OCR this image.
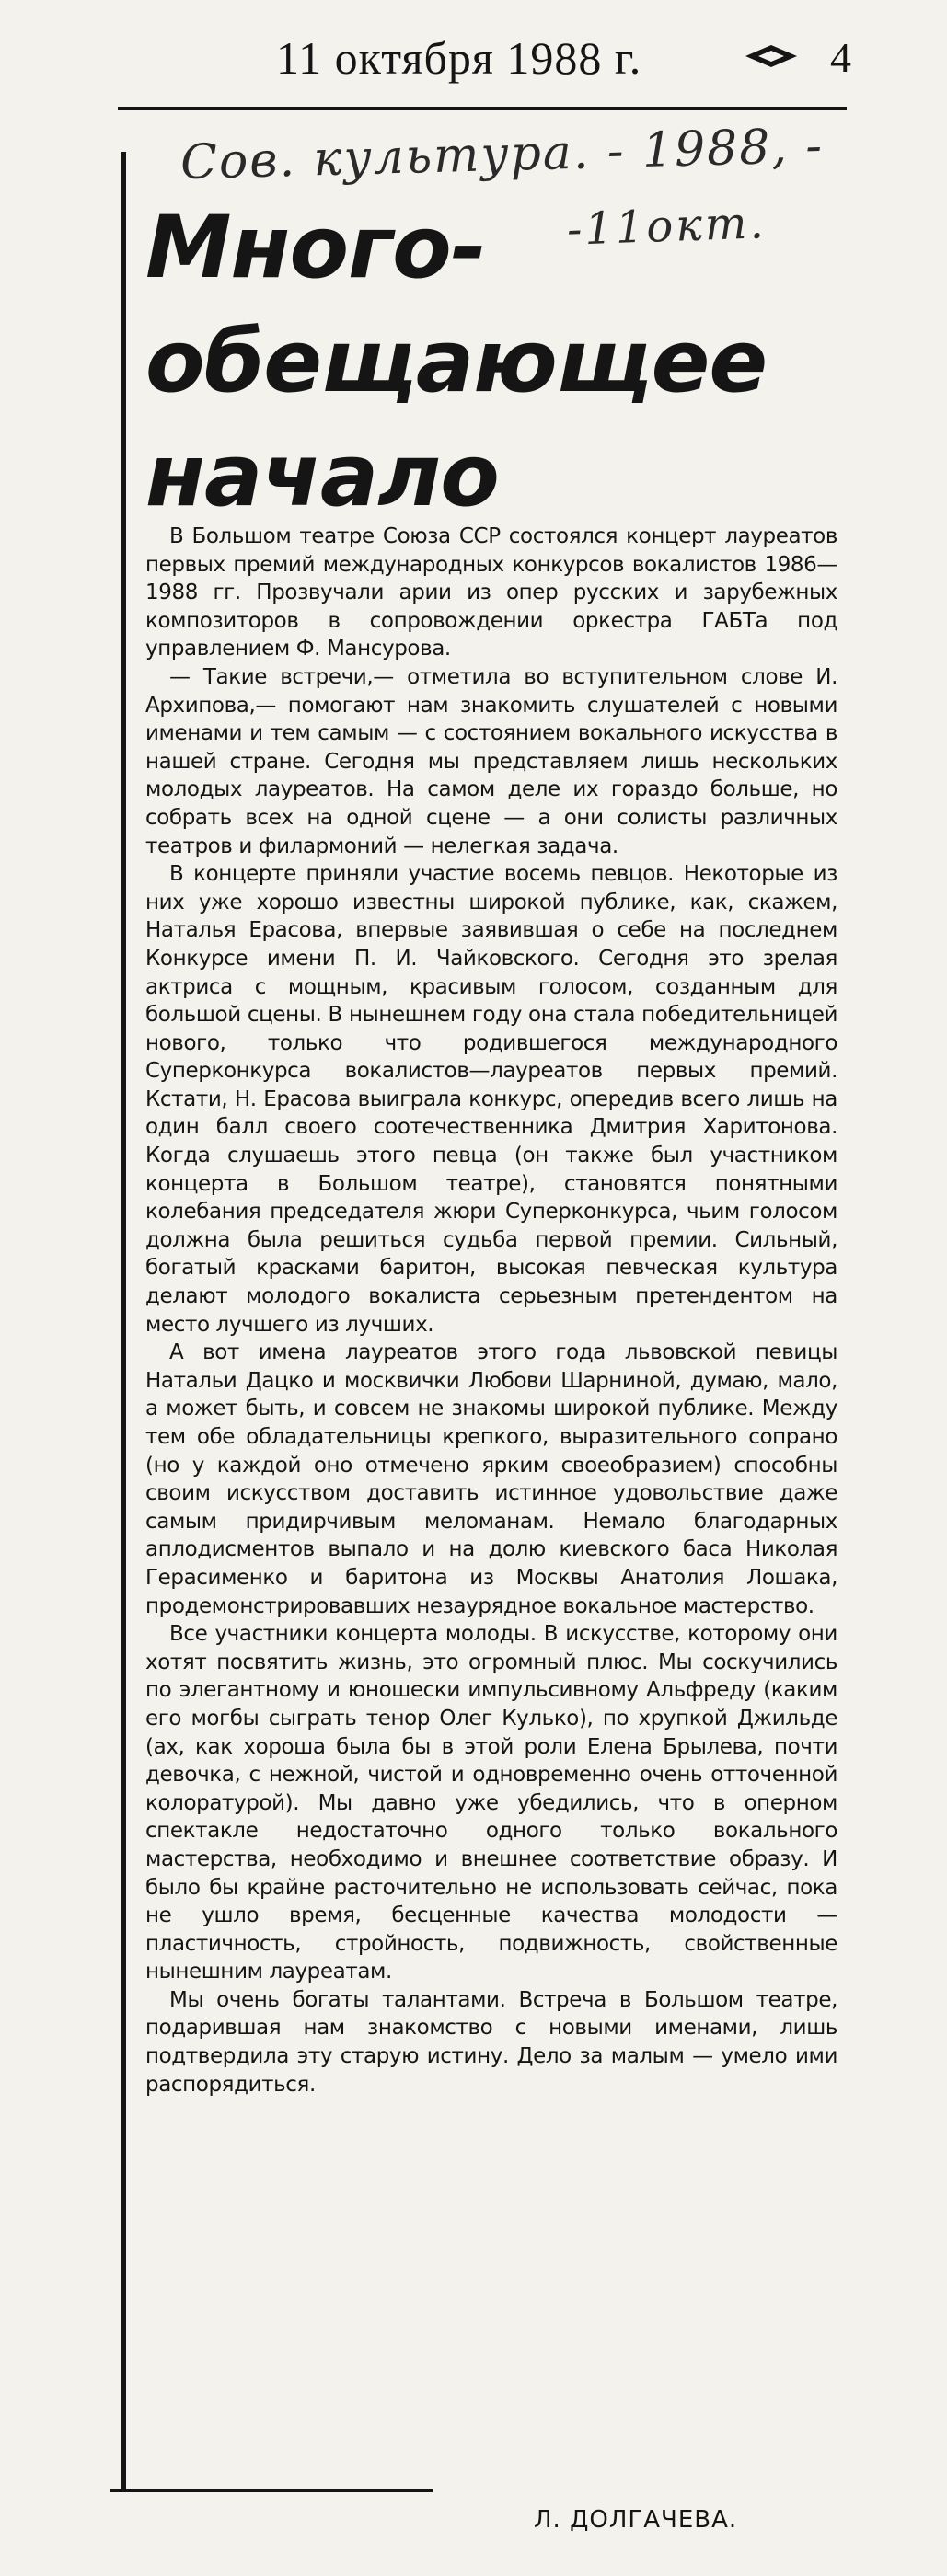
11 октября 1988 г.	4
Сов. культура. - 1988, -
-11окт.
Много-
обещающее
начало

В Большом театре Союза ССР состоялся концерт лауреатов первых премий международных конкурсов вокалистов 1986—1988 гг. Прозвучали арии из опер русских и зарубежных композиторов в сопровождении оркестра ГАБТа под управлением Ф. Мансурова.

— Такие встречи,— отметила во вступительном слове И. Архипова,— помогают нам знакомить слушателей с новыми именами и тем самым — с состоянием вокального искусства в нашей стране. Сегодня мы представляем лишь нескольких молодых лауреатов. На самом деле их гораздо больше, но собрать всех на одной сцене — а они солисты различных театров и филармоний — нелегкая задача.

В концерте приняли участие восемь певцов. Некоторые из них уже хорошо известны широкой публике, как, скажем, Наталья Ерасова, впервые заявившая о себе на последнем Конкурсе имени П. И. Чайковского. Сегодня это зрелая актриса с мощным, красивым голосом, созданным для большой сцены. В нынешнем году она стала победительницей нового, только что родившегося международного Суперконкурса вокалистов—лауреатов первых премий. Кстати, Н. Ерасова выиграла конкурс, опередив всего лишь на один балл своего соотечественника Дмитрия Харитонова. Когда слушаешь этого певца (он также был участником концерта в Большом театре), становятся понятными колебания председателя жюри Суперконкурса, чьим голосом должна была решиться судьба первой премии. Сильный, богатый красками баритон, высокая певческая культура делают молодого вокалиста серьезным претендентом на место лучшего из лучших.

А вот имена лауреатов этого года львовской певицы Натальи Дацко и москвички Любови Шарниной, думаю, мало, а может быть, и совсем не знакомы широкой публике. Между тем обе обладательницы крепкого, выразительного сопрано (но у каждой оно отмечено ярким своеобразием) способны своим искусством доставить истинное удовольствие даже самым придирчивым меломанам. Немало благодарных аплодисментов выпало и на долю киевского баса Николая Герасименко и баритона из Москвы Анатолия Лошака, продемонстрировавших незаурядное вокальное мастерство.

Все участники концерта молоды. В искусстве, которому они хотят посвятить жизнь, это огромный плюс. Мы соскучились по элегантному и юношески импульсивному Альфреду (каким его могбы сыграть тенор Олег Кулько), по хрупкой Джильде (ах, как хороша была бы в этой роли Елена Брылева, почти девочка, с нежной, чистой и одновременно очень отточенной колоратурой). Мы давно уже убедились, что в оперном спектакле недостаточно одного только вокального мастерства, необходимо и внешнее соответствие образу. И было бы крайне расточительно не использовать сейчас, пока не ушло время, бесценные качества молодости — пластичность, стройность, подвижность, свойственные нынешним лауреатам.

Мы очень богаты талантами. Встреча в Большом театре, подарившая нам знакомство с новыми именами, лишь подтвердила эту старую истину. Дело за малым — умело ими распорядиться.

Л. ДОЛГАЧЕВА.
